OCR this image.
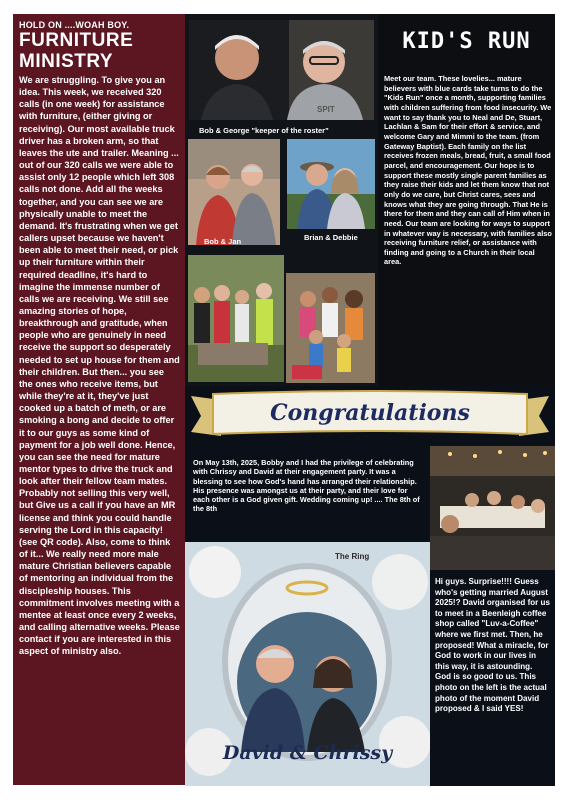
HOLD ON ....WOAH BOY.
FURNITURE
MINISTRY
We are struggling. To give you an idea. This week, we received 320 calls (in one week) for assistance with furniture, (either giving or receiving). Our most available truck driver has a broken arm, so that leaves the ute and trailer. Meaning ... out of our 320 calls we were able to assist only 12 people which left 308 calls not done. Add all the weeks together, and you can see we are physically unable to meet the demand. It's frustrating when we get callers upset because we haven't been able to meet their need, or pick up their furniture within their required deadline, it's hard to imagine the immense number of calls we are receiving. We still see amazing stories of hope, breakthrough and gratitude, when people who are genuinely in need receive the support so desperately needed to set up house for them and their children. But then... you see the ones who receive items, but while they're at it, they've just cooked up a batch of meth, or are smoking a bong and decide to offer it to our guys as some kind of payment for a job well done. Hence, you can see the need for mature mentor types to drive the truck and look after their fellow team mates. Probably not selling this very well, but Give us a call if you have an MR license and think you could handle serving the Lord in this capacity! (see QR code). Also, come to think of it... We really need more male mature Christian believers capable of mentoring an individual from the discipleship houses. This commitment involves meeting with a mentee at least once every 2 weeks, and calling alternative weeks. Please contact if you are interested in this aspect of ministry also.
SPIT
Bob & George "keeper of the roster"
Bob & Jan	Brian & Debbie
KID'S RUN
Meet our team. These lovelies... mature believers with blue cards take turns to do the "Kids Run" once a month, supporting families with children suffering from food insecurity. We want to say thank you to Neal and De, Stuart, Lachlan & Sam for their effort & service, and welcome Gary and Mimmi to the team. (from Gateway Baptist). Each family on the list receives frozen meals, bread, fruit, a small food parcel, and encouragement. Our hope is to support these mostly single parent families as they raise their kids and let them know that not only do we care, but Christ cares, sees and knows what they are going through. That He is there for them and they can call of Him when in need. Our team are looking for ways to support in whatever way is necessary, with families also receiving furniture relief, or assistance with finding and going to a Church in their local area.
Congratulations
On May 13th, 2025, Bobby and I had the privilege of celebrating with Chrissy and David at their engagement party. It was a blessing to see how God's hand has arranged their relationship. His presence was amongst us at their party, and their love for each other is a God given gift. Wedding coming up! .... The 8th of the 8th
The Ring
David & Chrissy
Hi guys. Surprise!!!! Guess who's getting married August 2025!? David organised for us to meet in a Beenleigh coffee shop called "Luv-a-Coffee" where we first met. Then, he proposed! What a miracle, for God to work in our lives in this way, it is astounding. God is so good to us. This photo on the left is the actual photo of the moment David proposed & I said YES!
